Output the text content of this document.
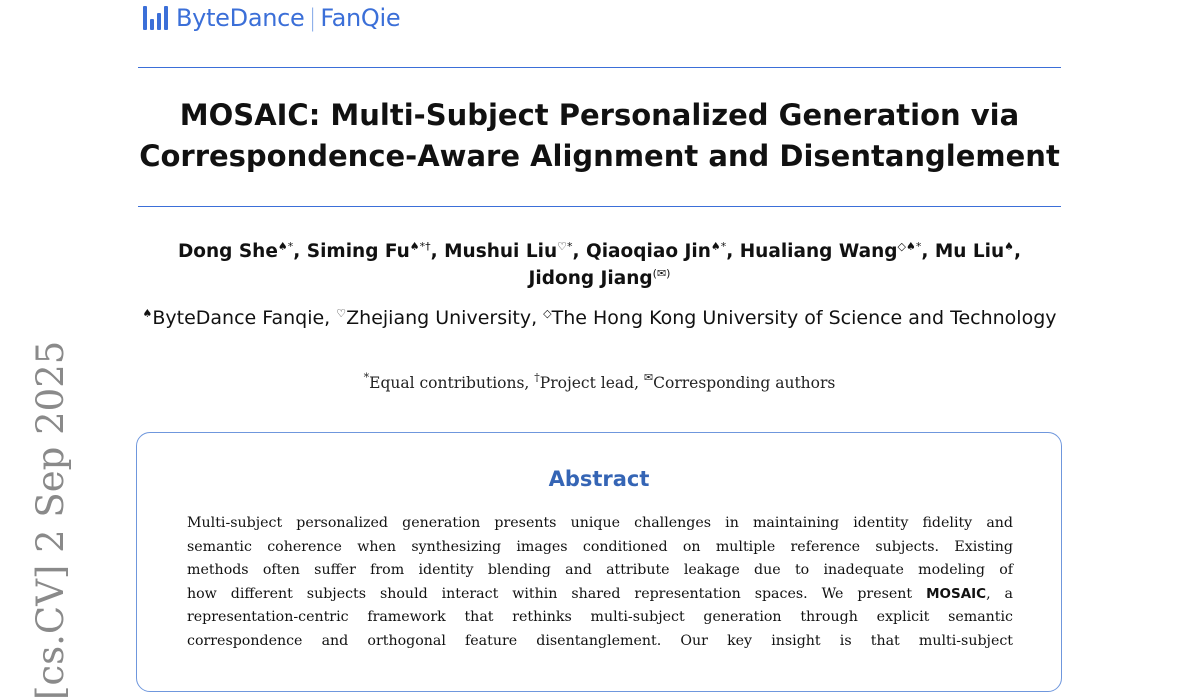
ByteDance | FanQie
MOSAIC: Multi-Subject Personalized Generation via
Correspondence-Aware Alignment and Disentanglement
Dong She♠*, Siming Fu♠*†, Mushui Liu♡*, Qiaoqiao Jin♠*, Hualiang Wang◇♠*, Mu Liu♠,
Jidong Jiang(✉)
♠ByteDance Fanqie, ♡Zhejiang University, ◇The Hong Kong University of Science and Technology
*Equal contributions, †Project lead, ✉Corresponding authors
Abstract
Multi-subject personalized generation presents unique challenges in maintaining identity fidelity and
semantic coherence when synthesizing images conditioned on multiple reference subjects. Existing
methods often suffer from identity blending and attribute leakage due to inadequate modeling of
how different subjects should interact within shared representation spaces. We present MOSAIC, a
representation-centric framework that rethinks multi-subject generation through explicit semantic
correspondence and orthogonal feature disentanglement. Our key insight is that multi-subject
[cs.CV] 2 Sep 2025
